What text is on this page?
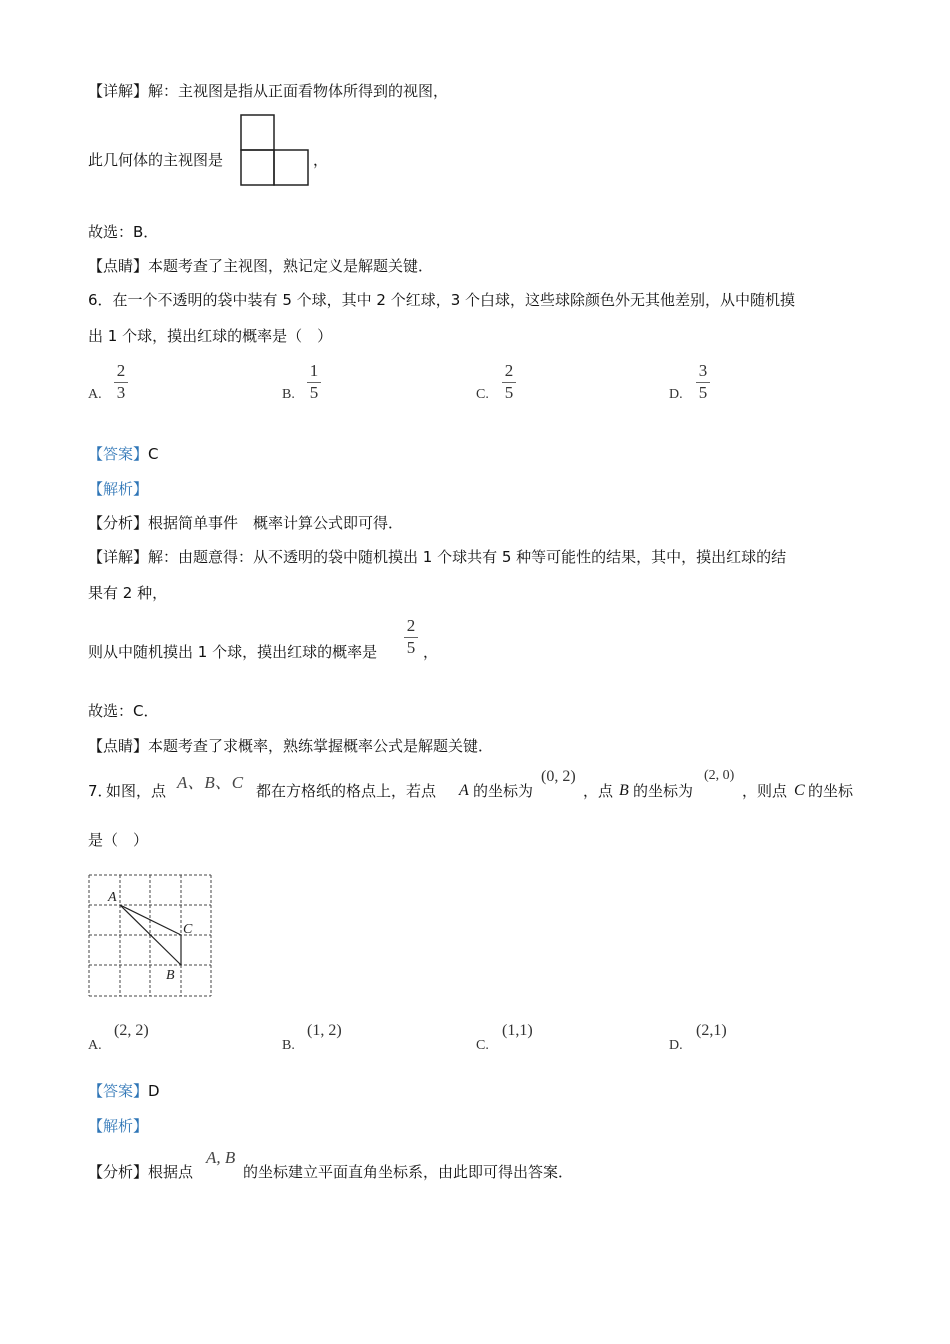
【详解】解：主视图是指从正面看物体所得到的视图，
此几何体的主视图是	，
故选：B．
【点睛】本题考查了主视图，熟记定义是解题关键．
6．在一个不透明的袋中装有 5 个球，其中 2 个红球，3 个白球，这些球除颜色外无其他差别，从中随机摸
出 1 个球，摸出红球的概率是（　）
A.
2
3	B.
1
5	C.
2
5	D.
3
5
【答案】C
【解析】
【分析】根据简单事件　概率计算公式即可得．
【详解】解：由题意得：从不透明的袋中随机摸出 1 个球共有 5 种等可能性的结果，其中，摸出红球的结
果有 2 种，
则从中随机摸出 1 个球，摸出红球的概率是
2
5 ，
故选：C．
【点睛】本题考查了求概率，熟练掌握概率公式是解题关键．
7．
如图，点 A、B、C 都在方格纸的格点上，若点 A 的坐标为
(0, 2)
，点 B 的坐标为
(2, 0)
，则点 C 的坐标
是（　）
A
C
B
A.
(2, 2)
B.
(1, 2)
C.
(1,1)
D.
(2,1)
【答案】D
【解析】
【分析】根据点
A, B
的坐标建立平面直角坐标系，由此即可得出答案．
